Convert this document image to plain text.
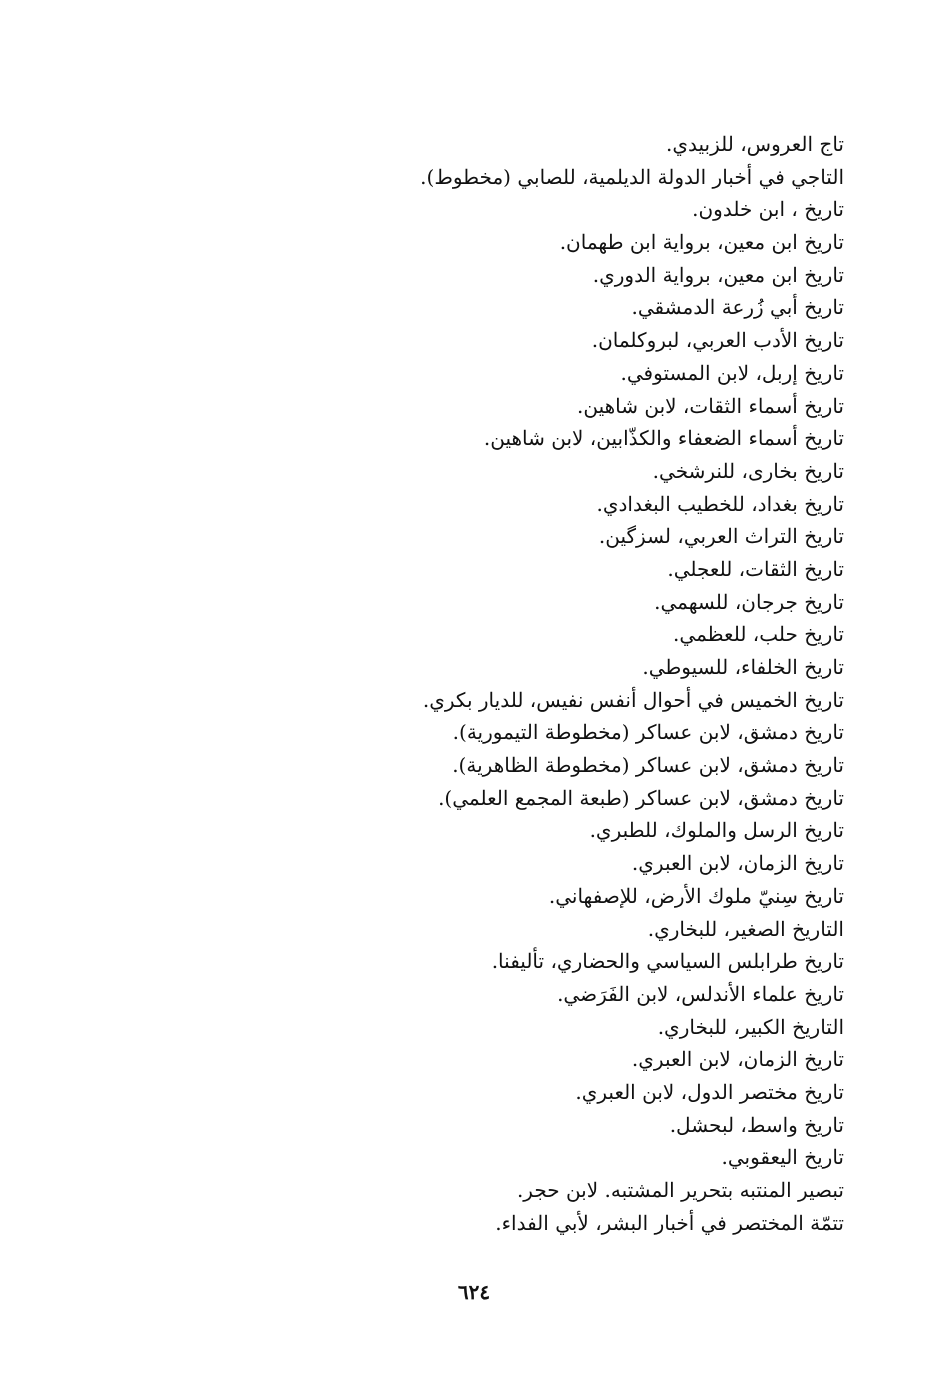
تاج العروس، للزبيدي.
التاجي في أخبار الدولة الديلمية، للصابي (مخطوط).
تاريخ ، ابن خلدون.
تاريخ ابن معين، برواية ابن طهمان.
تاريخ ابن معين، برواية الدوري.
تاريخ أبي زُرعة الدمشقي.
تاريخ الأدب العربي، لبروكلمان.
تاريخ إربل، لابن المستوفي.
تاريخ أسماء الثقات، لابن شاهين.
تاريخ أسماء الضعفاء والكذّابين، لابن شاهين.
تاريخ بخارى، للنرشخي.
تاريخ بغداد، للخطيب البغدادي.
تاريخ التراث العربي، لسزگين.
تاريخ الثقات، للعجلي.
تاريخ جرجان، للسهمي.
تاريخ حلب، للعظمي.
تاريخ الخلفاء، للسيوطي.
تاريخ الخميس في أحوال أنفس نفيس، للديار بكري.
تاريخ دمشق، لابن عساكر (مخطوطة التيمورية).
تاريخ دمشق، لابن عساكر (مخطوطة الظاهرية).
تاريخ دمشق، لابن عساكر (طبعة المجمع العلمي).
تاريخ الرسل والملوك، للطبري.
تاريخ الزمان، لابن العبري.
تاريخ سِنيّ ملوك الأرض، للإصفهاني.
التاريخ الصغير، للبخاري.
تاريخ طرابلس السياسي والحضاري، تأليفنا.
تاريخ علماء الأندلس، لابن الفَرَضي.
التاريخ الكبير، للبخاري.
تاريخ الزمان، لابن العبري.
تاريخ مختصر الدول، لابن العبري.
تاريخ واسط، لبحشل.
تاريخ اليعقوبي.
تبصير المنتبه بتحرير المشتبه. لابن حجر.
تتمّة المختصر في أخبار البشر، لأبي الفداء.
٦٢٤
